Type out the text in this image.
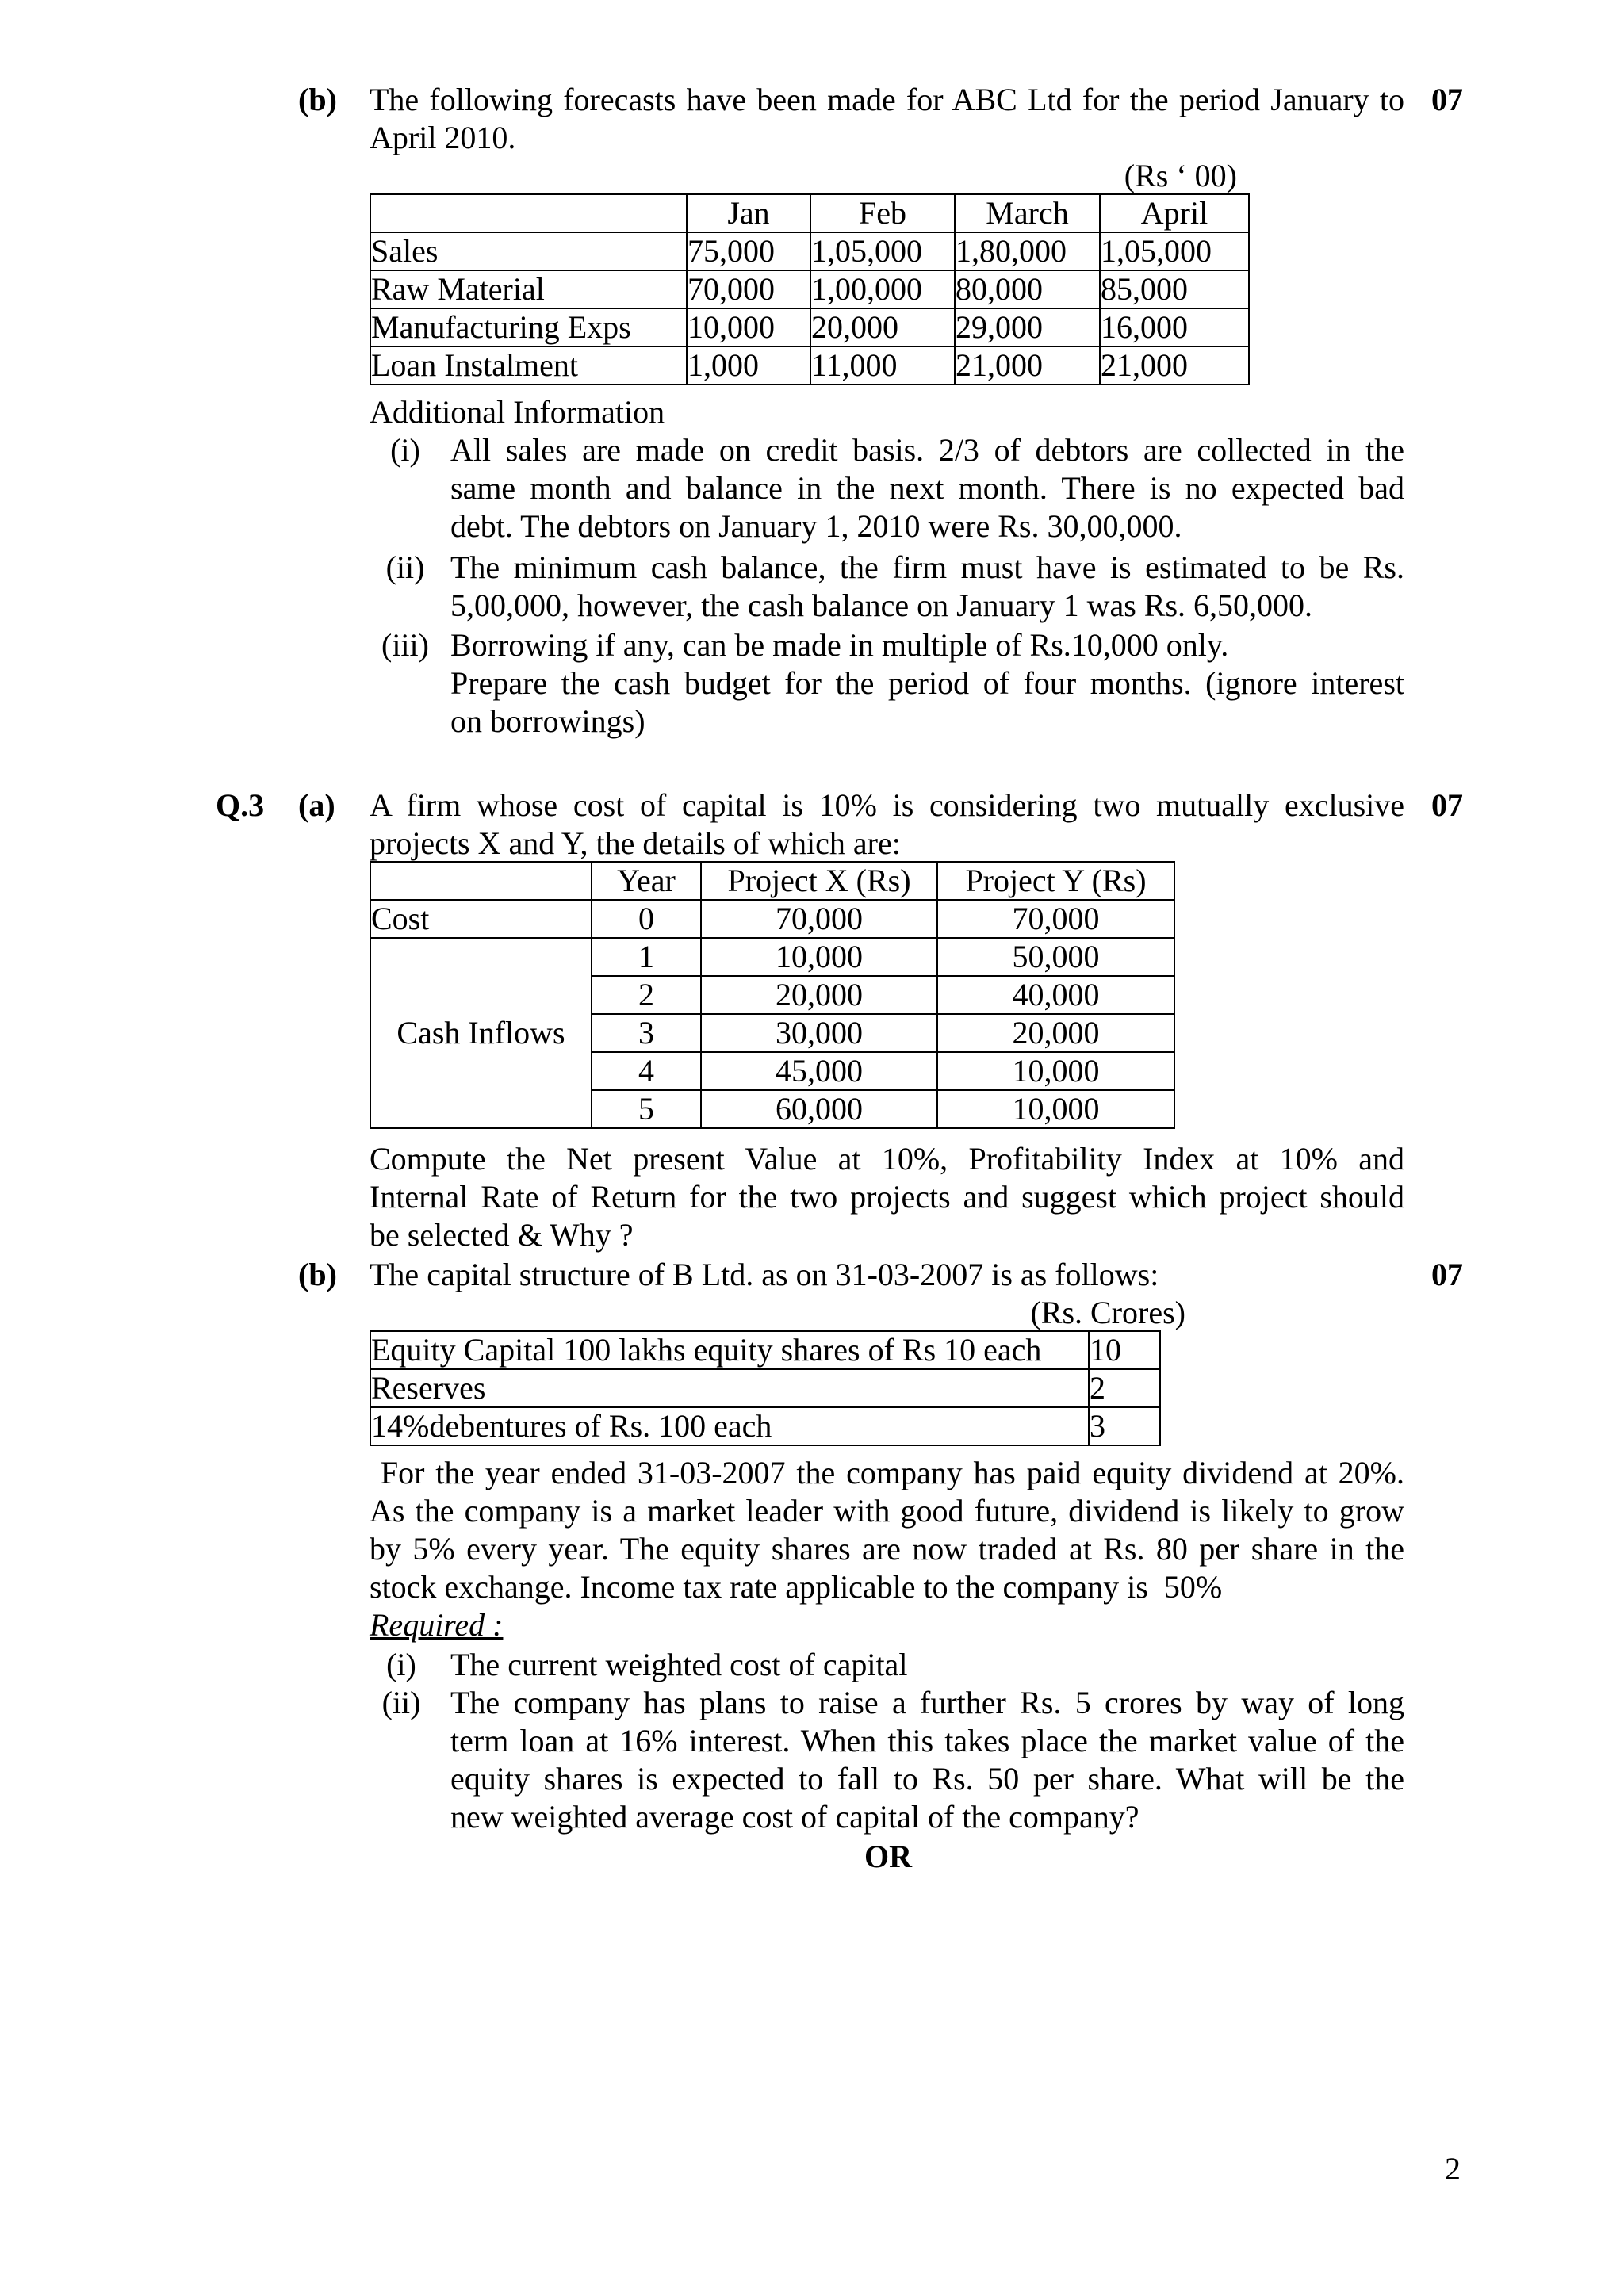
(b) The following forecasts have been made for ABC Ltd for the period January to 07
April 2010.
(Rs ‘ 00)
	Jan	Feb	March	April
Sales	75,000	1,05,000	1,80,000	1,05,000
Raw Material	70,000	1,00,000	80,000	85,000
Manufacturing Exps	10,000	20,000	29,000	16,000
Loan Instalment	1,000	11,000	21,000	21,000
Additional Information
(i) All sales are made on credit basis. 2/3 of debtors are collected in the
same month and balance in the next month. There is no expected bad
debt. The debtors on January 1, 2010 were Rs. 30,00,000.
(ii) The minimum cash balance, the firm must have is estimated to be Rs.
5,00,000, however, the cash balance on January 1 was Rs. 6,50,000.
(iii) Borrowing if any, can be made in multiple of Rs.10,000 only.
Prepare the cash budget for the period of four months. (ignore interest
on borrowings)
Q.3 (a) A firm whose cost of capital is 10% is considering two mutually exclusive 07
projects X and Y, the details of which are:
	Year	Project X (Rs)	Project Y (Rs)
Cost	0	70,000	70,000
Cash Inflows	1	10,000	50,000
	2	20,000	40,000
	3	30,000	20,000
	4	45,000	10,000
	5	60,000	10,000
Compute the Net present Value at 10%, Profitability Index at 10% and
Internal Rate of Return for the two projects and suggest which project should
be selected & Why ?
(b) The capital structure of B Ltd. as on 31-03-2007 is as follows:	07
(Rs. Crores)
Equity Capital 100 lakhs equity shares of Rs 10 each	10
Reserves	2
14%debentures of Rs. 100 each	3
For the year ended 31-03-2007 the company has paid equity dividend at 20%.
As the company is a market leader with good future, dividend is likely to grow
by 5% every year. The equity shares are now traded at Rs. 80 per share in the
stock exchange. Income tax rate applicable to the company is  50%
Required :
(i)	The current weighted cost of capital
(ii) The company has plans to raise a further Rs. 5 crores by way of long
term loan at 16% interest. When this takes place the market value of the
equity shares is expected to fall to Rs. 50 per share. What will be the
new weighted average cost of capital of the company?
OR
2
